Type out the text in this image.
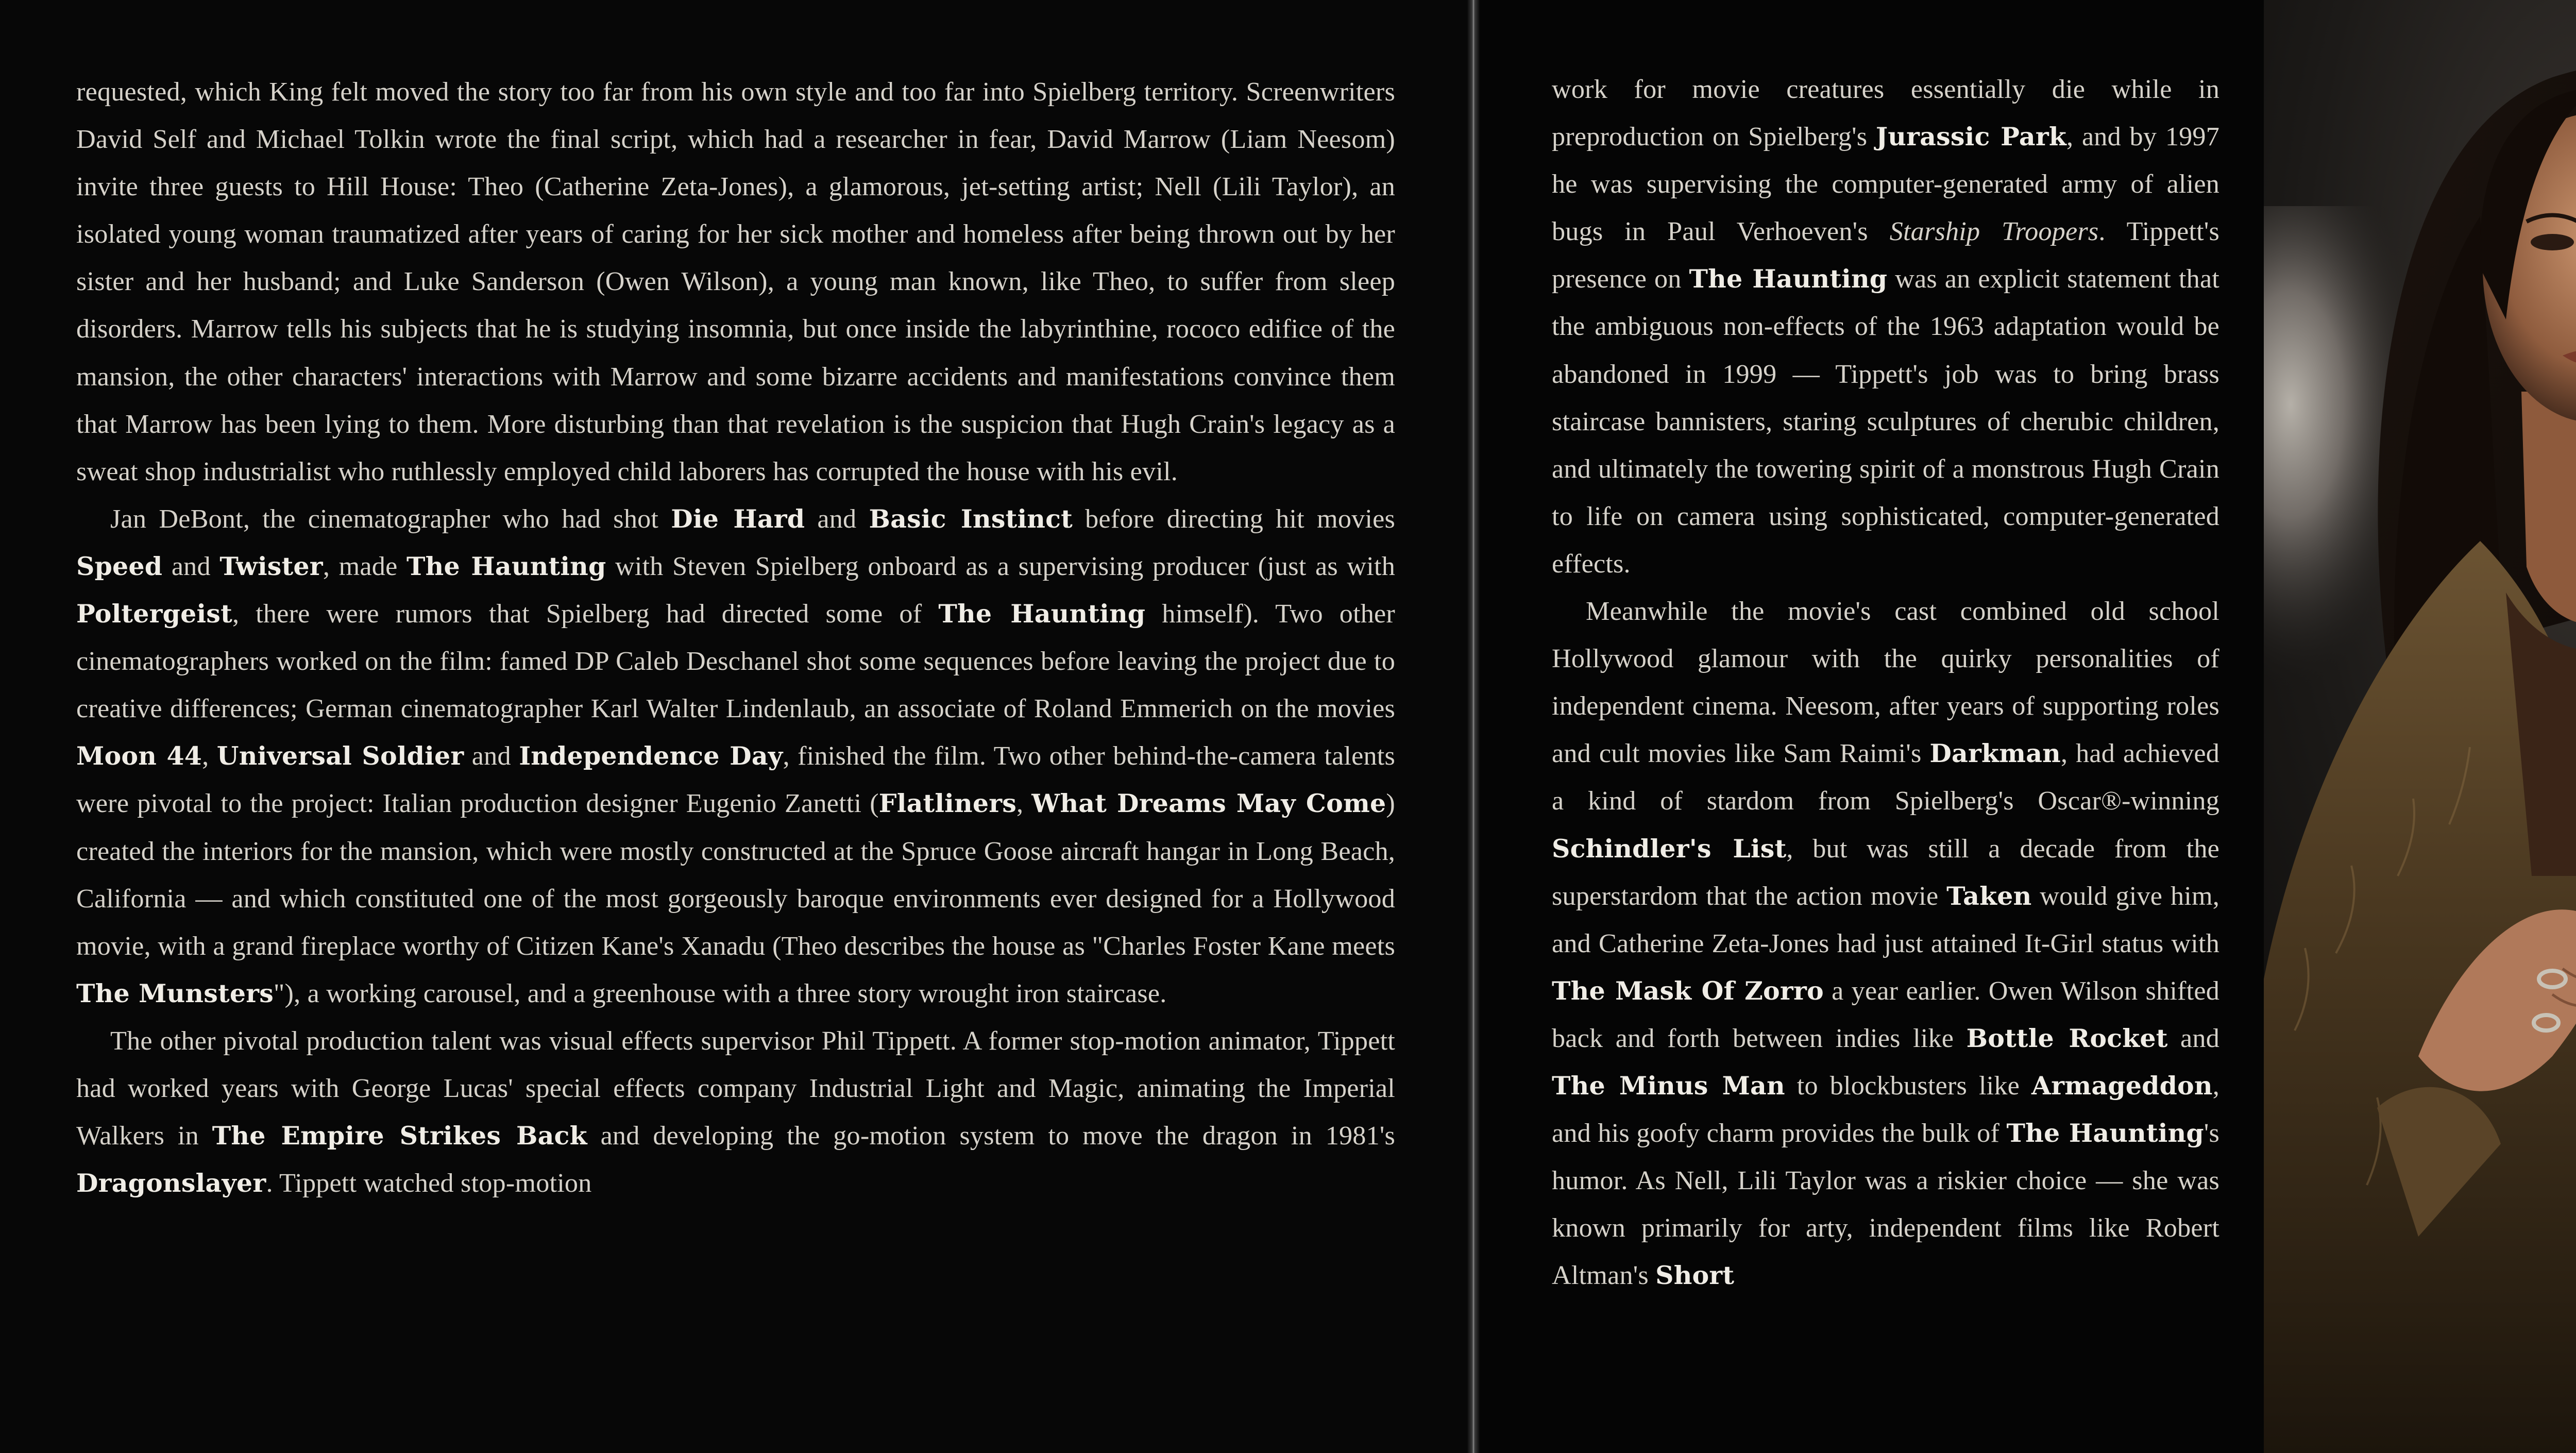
requested, which King felt moved the story too far from his own style and too far into Spielberg territory. Screenwriters David Self and Michael Tolkin wrote the final script, which had a researcher in fear, David Marrow (Liam Neesom) invite three guests to Hill House: Theo (Catherine Zeta-Jones), a glamorous, jet-setting artist; Nell (Lili Taylor), an isolated young woman traumatized after years of caring for her sick mother and homeless after being thrown out by her sister and her husband; and Luke Sanderson (Owen Wilson), a young man known, like Theo, to suffer from sleep disorders. Marrow tells his subjects that he is studying insomnia, but once inside the labyrinthine, rococo edifice of the mansion, the other characters' interactions with Marrow and some bizarre accidents and manifestations convince them that Marrow has been lying to them. More disturbing than that revelation is the suspicion that Hugh Crain's legacy as a sweat shop industrialist who ruthlessly employed child laborers has corrupted the house with his evil.

Jan DeBont, the cinematographer who had shot Die Hard and Basic Instinct before directing hit movies Speed and Twister, made The Haunting with Steven Spielberg onboard as a supervising producer (just as with Poltergeist, there were rumors that Spielberg had directed some of The Haunting himself). Two other cinematographers worked on the film: famed DP Caleb Deschanel shot some sequences before leaving the project due to creative differences; German cinematographer Karl Walter Lindenlaub, an associate of Roland Emmerich on the movies Moon 44, Universal Soldier and Independence Day, finished the film. Two other behind-the-camera talents were pivotal to the project: Italian production designer Eugenio Zanetti (Flatliners, What Dreams May Come) created the interiors for the mansion, which were mostly constructed at the Spruce Goose aircraft hangar in Long Beach, California — and which constituted one of the most gorgeously baroque environments ever designed for a Hollywood movie, with a grand fireplace worthy of Citizen Kane's Xanadu (Theo describes the house as "Charles Foster Kane meets The Munsters"), a working carousel, and a greenhouse with a three story wrought iron staircase.

The other pivotal production talent was visual effects supervisor Phil Tippett. A former stop-motion animator, Tippett had worked years with George Lucas' special effects company Industrial Light and Magic, animating the Imperial Walkers in The Empire Strikes Back and developing the go-motion system to move the dragon in 1981's Dragonslayer. Tippett watched stop-motion

work for movie creatures essentially die while in preproduction on Spielberg's Jurassic Park, and by 1997 he was supervising the computer-generated army of alien bugs in Paul Verhoeven's Starship Troopers. Tippett's presence on The Haunting was an explicit statement that the ambiguous non-effects of the 1963 adaptation would be abandoned in 1999 — Tippett's job was to bring brass staircase bannisters, staring sculptures of cherubic children, and ultimately the towering spirit of a monstrous Hugh Crain to life on camera using sophisticated, computer-generated effects.

Meanwhile the movie's cast combined old school Hollywood glamour with the quirky personalities of independent cinema. Neesom, after years of supporting roles and cult movies like Sam Raimi's Darkman, had achieved a kind of stardom from Spielberg's Oscar®-winning Schindler's List, but was still a decade from the superstardom that the action movie Taken would give him, and Catherine Zeta-Jones had just attained It-Girl status with The Mask Of Zorro a year earlier. Owen Wilson shifted back and forth between indies like Bottle Rocket and The Minus Man to blockbusters like Armageddon, and his goofy charm provides the bulk of The Haunting's humor. As Nell, Lili Taylor was a riskier choice — she was known primarily for arty, independent films like Robert Altman's Short
